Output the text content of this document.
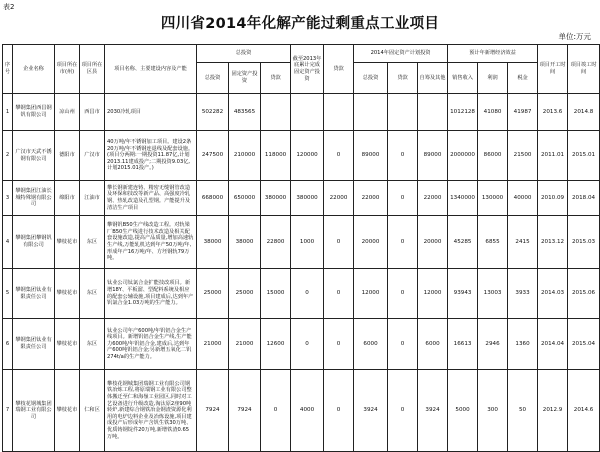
表2
四川省2014年化解产能过剩重点工业项目
单位:万元
序号	企业名称	项目所在市(州)	项目所在区县	项目名称、主要建设内容及产能	总投资			截至2013年底累计完成固定资产投资	贷款	2014年固定资产计划投资			预计年新增经济效益			项目开工时间	项目竣工时间
					总投资	固定资产投资	贷款			总投资	贷款	自筹及其他	销售收入	利润	税金		
1	攀钢集团西昌钢钒有限公司	凉山州	西昌市	2030冷轧项目	502282	483565							1012128	41080	41987	2013.6	2014.8
2	广汉市天武不锈钢有限公司	德阳市	广汉市	40万吨/年不锈钢加工项目。建设2条20万吨/年不锈钢连退线及配套设施。(项目分两期:一期投资11.87亿,计划2013.11建成投产;二期投资9.03亿,计划2015.01投产。)	247500	210000	118000	120000	0	89000	0	89000	2000000	86000	21500	2011.01	2015.01
3	攀钢集团江油长城特殊钢有限公司	绵阳市	江油市	攀长钢新建连铸、精密无缝钢管改造及环保和技改等新产品、高强度冷轧钢、热轧改造及孔型钢。产能提升及清洁生产项目	668000	650000	380000	380000	22000	22000	0	22000	1340000	130000	40000	2010.09	2018.04
4	攀钢集团攀钢钒有限公司	攀枝花市	东区	攀钢钒B50生产线改造工程。对轨梁厂B50生产线进行技术改造及相关配套设施改造,提高产品质量,增加高速轨生产线,万能轧机达到年产50万吨/年,形成年产16万吨/年、方坯钢轨79万吨。	38000	38000	22800	1000	0	20000	0	20000	45285	6855	2415	2013.12	2015.03
5	攀钢集团钛业有限责任公司	攀枝花市	东区	钛业公司钛氯合金扩能技改项目。新增18Y、平板溜、型配料系统及相应的配套公辅设施,项目建成后,达到年产钒氯合金1.03万吨的生产能力。	25000	25000	15000	0	0	12000	0	12000	93943	13003	3933	2014.03	2015.06
6	攀钢集团钛业有限责任公司	攀枝花市	东区	钛业公司年产600吨/年钒铝合金生产线项目。新增钒铝合金生产线,生产能力600吨/年钒铝合金,建成后,达到年产600吨钒铝合金;另新增五氧化二钒274t/a的生产能力。	21000	21000	12600	0	0	6000	0	6000	16613	2946	1360	2014.04	2015.04
7	攀枝花钢城集团瑞钢工业有限公司	攀枝花市	仁和区	攀枝花钢城集团瑞钢工业有限公司钢铁冶炼工程,将原瑞钢工业有限公司整体搬迁至仁和海嶺工业园区,同时对工艺设备进行升级改造,淘汰原2座90吨转炉,新建综合钢铁冶金钢渣资源化利用的电炉边料企业及冶炼设施,项目建成投产后形成年产含钒生铁30万吨、优质铸钢锭件20万吨,新增铁渣0.65万吨。	7924	7924	0	4000	0	3924	0	3924	5000	300	50	2012.9	2014.6
